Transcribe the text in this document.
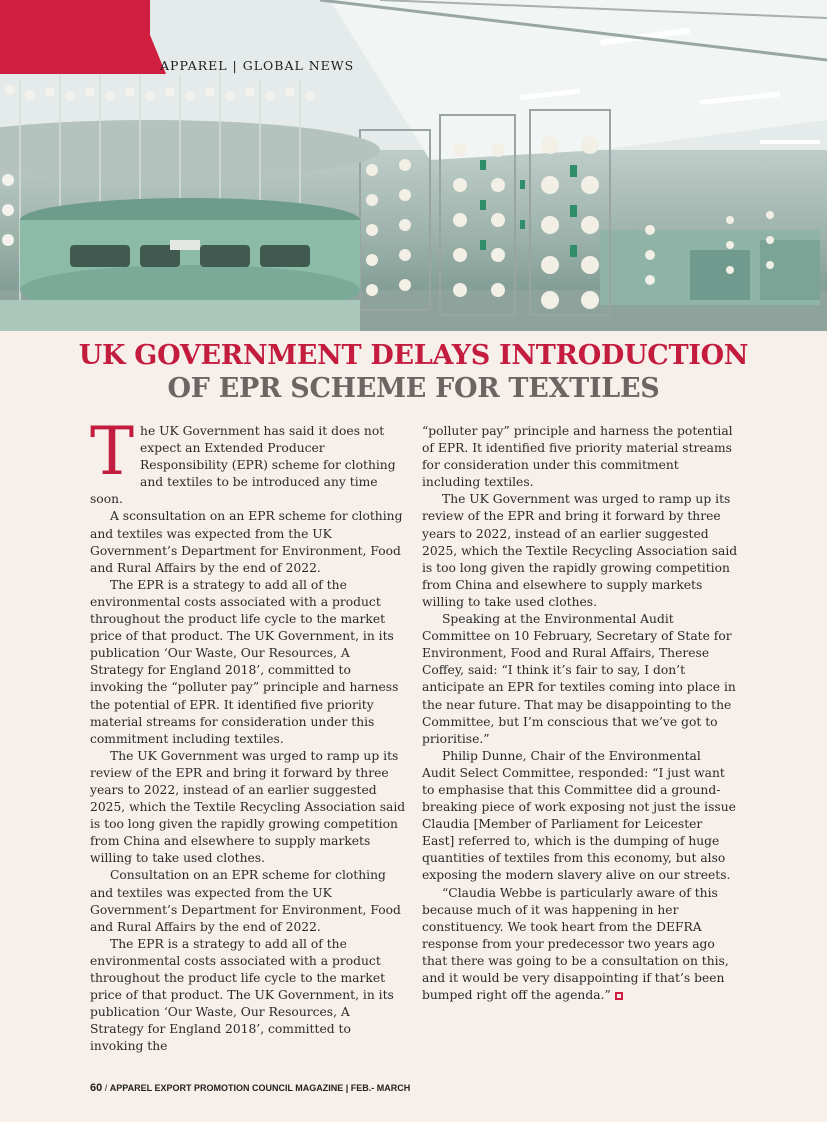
APPAREL | GLOBAL NEWS
UK GOVERNMENT DELAYS INTRODUCTION
OF EPR SCHEME FOR TEXTILES

The UK Government has said it does not expect an Extended Producer Responsibility (EPR) scheme for clothing and textiles to be introduced any time soon.

A sconsultation on an EPR scheme for clothing and textiles was expected from the UK Government’s Department for Environment, Food and Rural Affairs by the end of 2022.

The EPR is a strategy to add all of the environmental costs associated with a product throughout the product life cycle to the market price of that product. The UK Government, in its publication ‘Our Waste, Our Resources, A Strategy for England 2018’, committed to invoking the “polluter pay” principle and harness the potential of EPR. It identified five priority material streams for consideration under this commitment including textiles.

The UK Government was urged to ramp up its review of the EPR and bring it forward by three years to 2022, instead of an earlier suggested 2025, which the Textile Recycling Association said is too long given the rapidly growing competition from China and elsewhere to supply markets willing to take used clothes.

Consultation on an EPR scheme for clothing and textiles was expected from the UK Government’s Department for Environment, Food and Rural Affairs by the end of 2022.

The EPR is a strategy to add all of the environmental costs associated with a product throughout the product life cycle to the market price of that product. The UK Government, in its publication ‘Our Waste, Our Resources, A Strategy for England 2018’, committed to invoking the

“polluter pay” principle and harness the potential of EPR. It identified five priority material streams for consideration under this commitment including textiles.

The UK Government was urged to ramp up its review of the EPR and bring it forward by three years to 2022, instead of an earlier suggested 2025, which the Textile Recycling Association said is too long given the rapidly growing competition from China and elsewhere to supply markets willing to take used clothes.

Speaking at the Environmental Audit Committee on 10 February, Secretary of State for Environment, Food and Rural Affairs, Therese Coffey, said: “I think it’s fair to say, I don’t anticipate an EPR for textiles coming into place in the near future. That may be disappointing to the Committee, but I’m conscious that we’ve got to prioritise.”

Philip Dunne, Chair of the Environmental Audit Select Committee, responded: “I just want to emphasise that this Committee did a ground-breaking piece of work exposing not just the issue Claudia [Member of Parliament for Leicester East] referred to, which is the dumping of huge quantities of textiles from this economy, but also exposing the modern slavery alive on our streets.

“Claudia Webbe is particularly aware of this because much of it was happening in her constituency. We took heart from the DEFRA response from your predecessor two years ago that there was going to be a consultation on this, and it would be very disappointing if that’s been bumped right off the agenda.”

60 / APPAREL EXPORT PROMOTION COUNCIL MAGAZINE | FEB.- MARCH
